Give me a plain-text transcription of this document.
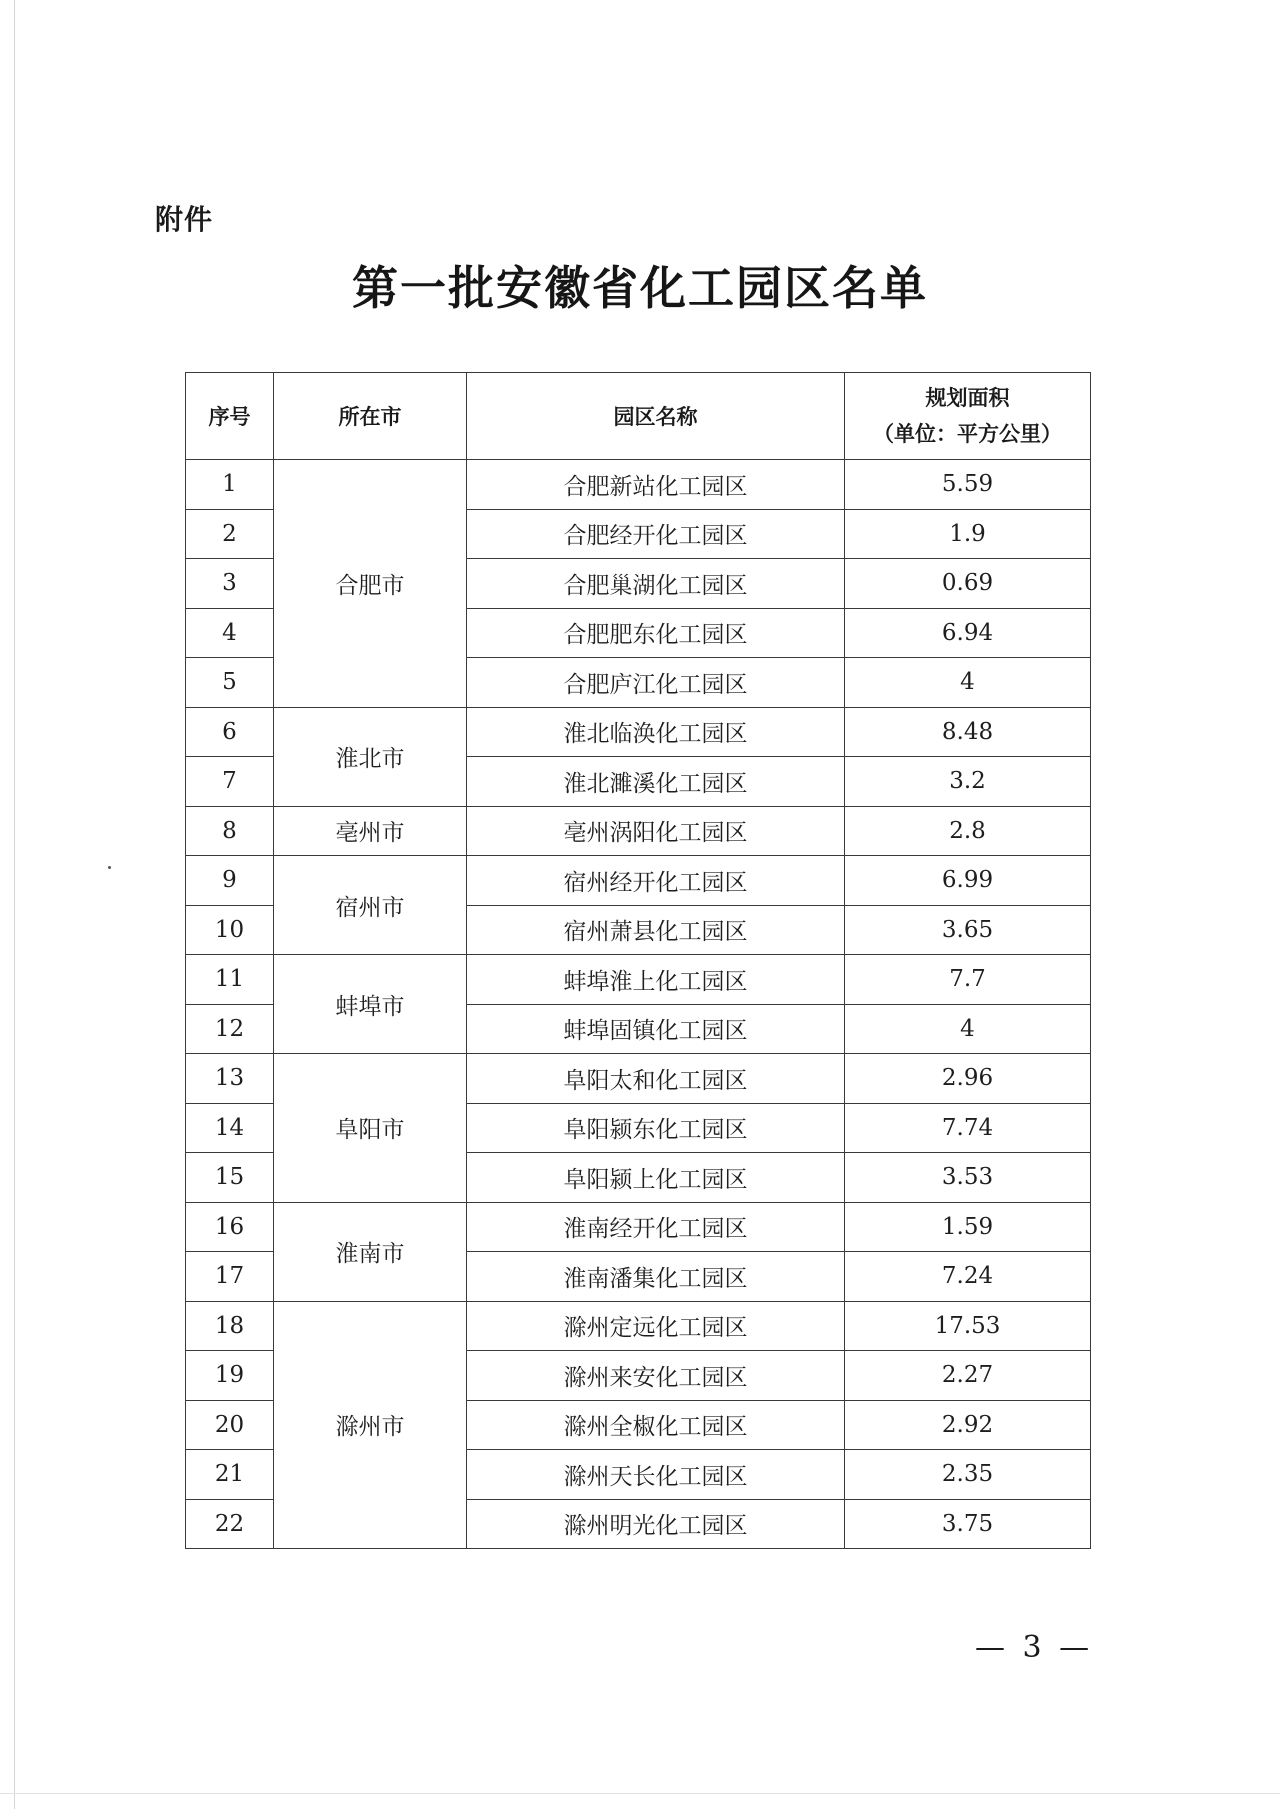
附件
第一批安徽省化工园区名单
序号	所在市	园区名称	规划面积
（单位：平方公里）

1	合肥市	合肥新站化工园区	5.59
2		合肥经开化工园区	1.9
3		合肥巢湖化工园区	0.69
4		合肥肥东化工园区	6.94
5		合肥庐江化工园区	4
6	淮北市	淮北临涣化工园区	8.48
7		淮北濉溪化工园区	3.2
8	亳州市	亳州涡阳化工园区	2.8
9	宿州市	宿州经开化工园区	6.99
10		宿州萧县化工园区	3.65
11	蚌埠市	蚌埠淮上化工园区	7.7
12		蚌埠固镇化工园区	4
13	阜阳市	阜阳太和化工园区	2.96
14		阜阳颍东化工园区	7.74
15		阜阳颍上化工园区	3.53
16	淮南市	淮南经开化工园区	1.59
17		淮南潘集化工园区	7.24
18	滁州市	滁州定远化工园区	17.53
19		滁州来安化工园区	2.27
20		滁州全椒化工园区	2.92
21		滁州天长化工园区	2.35
22		滁州明光化工园区	3.75
— 3 —
